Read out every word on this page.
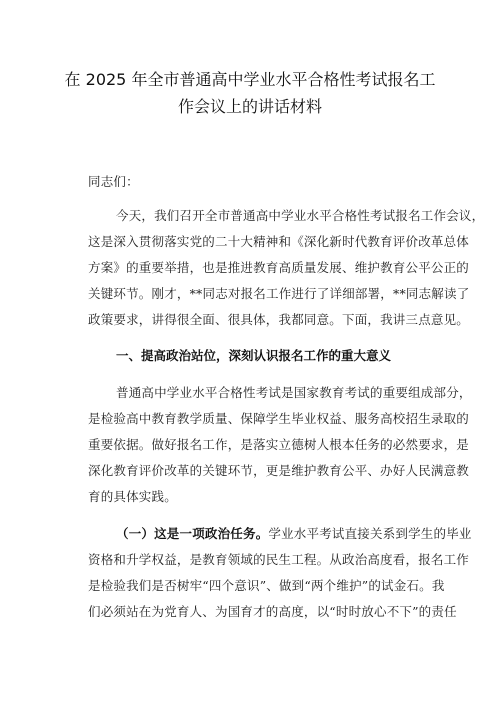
在 2025 年全市普通高中学业水平合格性考试报名工
作会议上的讲话材料
同志们：
今天，我们召开全市普通高中学业水平合格性考试报名工作会议，
这是深入贯彻落实党的二十大精神和《深化新时代教育评价改革总体
方案》的重要举措，也是推进教育高质量发展、维护教育公平公正的
关键环节。刚才，**同志对报名工作进行了详细部署，**同志解读了
政策要求，讲得很全面、很具体，我都同意。下面，我讲三点意见。
一、提高政治站位，深刻认识报名工作的重大意义
普通高中学业水平合格性考试是国家教育考试的重要组成部分，
是检验高中教育教学质量、保障学生毕业权益、服务高校招生录取的
重要依据。做好报名工作，是落实立德树人根本任务的必然要求，是
深化教育评价改革的关键环节，更是维护教育公平、办好人民满意教
育的具体实践。
（一）这是一项政治任务。学业水平考试直接关系到学生的毕业
资格和升学权益，是教育领域的民生工程。从政治高度看，报名工作
是检验我们是否树牢“四个意识”、做到“两个维护”的试金石。我
们必须站在为党育人、为国育才的高度，以“时时放心不下”的责任
